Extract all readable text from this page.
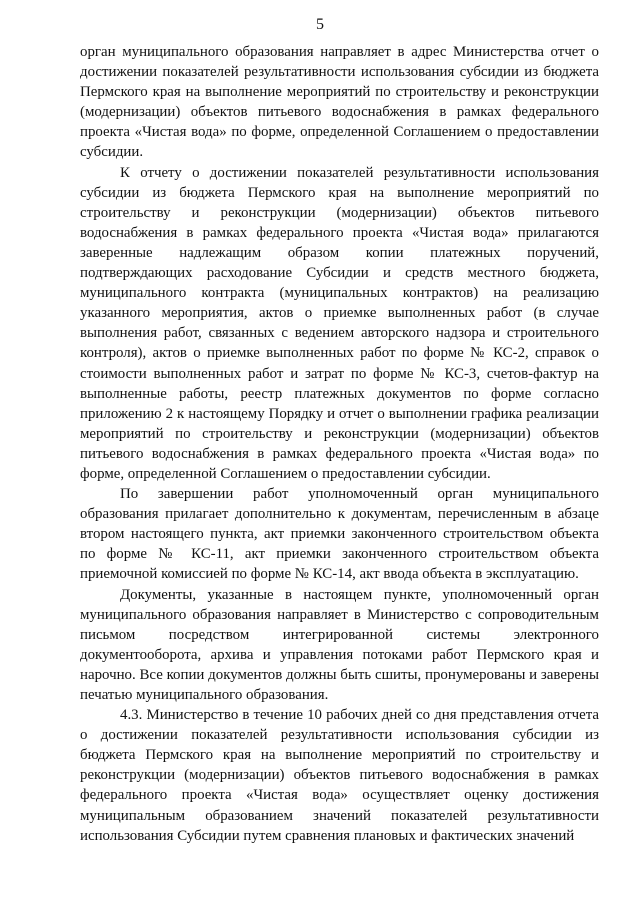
5

орган муниципального образования направляет в адрес Министерства отчет о достижении показателей результативности использования субсидии из бюджета Пермского края на выполнение мероприятий по строительству и реконструкции (модернизации) объектов питьевого водоснабжения в рамках федерального проекта «Чистая вода» по форме, определенной Соглашением о предоставлении субсидии.

К отчету о достижении показателей результативности использования субсидии из бюджета Пермского края на выполнение мероприятий по строительству и реконструкции (модернизации) объектов питьевого водоснабжения в рамках федерального проекта «Чистая вода» прилагаются заверенные надлежащим образом копии платежных поручений, подтверждающих расходование Субсидии и средств местного бюджета, муниципального контракта (муниципальных контрактов) на реализацию указанного мероприятия, актов о приемке выполненных работ (в случае выполнения работ, связанных с ведением авторского надзора и строительного контроля), актов о приемке выполненных работ по форме № КС-2, справок о стоимости выполненных работ и затрат по форме № КС-3, счетов-фактур на выполненные работы, реестр платежных документов по форме согласно приложению 2 к настоящему Порядку и отчет о выполнении графика реализации мероприятий по строительству и реконструкции (модернизации) объектов питьевого водоснабжения в рамках федерального проекта «Чистая вода» по форме, определенной Соглашением о предоставлении субсидии.

По завершении работ уполномоченный орган муниципального образования прилагает дополнительно к документам, перечисленным в абзаце втором настоящего пункта, акт приемки законченного строительством объекта по форме № КС-11, акт приемки законченного строительством объекта приемочной комиссией по форме № КС-14, акт ввода объекта в эксплуатацию.

Документы, указанные в настоящем пункте, уполномоченный орган муниципального образования направляет в Министерство с сопроводительным письмом посредством интегрированной системы электронного документооборота, архива и управления потоками работ Пермского края и нарочно. Все копии документов должны быть сшиты, пронумерованы и заверены печатью муниципального образования.

4.3. Министерство в течение 10 рабочих дней со дня представления отчета о достижении показателей результативности использования субсидии из бюджета Пермского края на выполнение мероприятий по строительству и реконструкции (модернизации) объектов питьевого водоснабжения в рамках федерального проекта «Чистая вода» осуществляет оценку достижения муниципальным образованием значений показателей результативности использования Субсидии путем сравнения плановых и фактических значений
